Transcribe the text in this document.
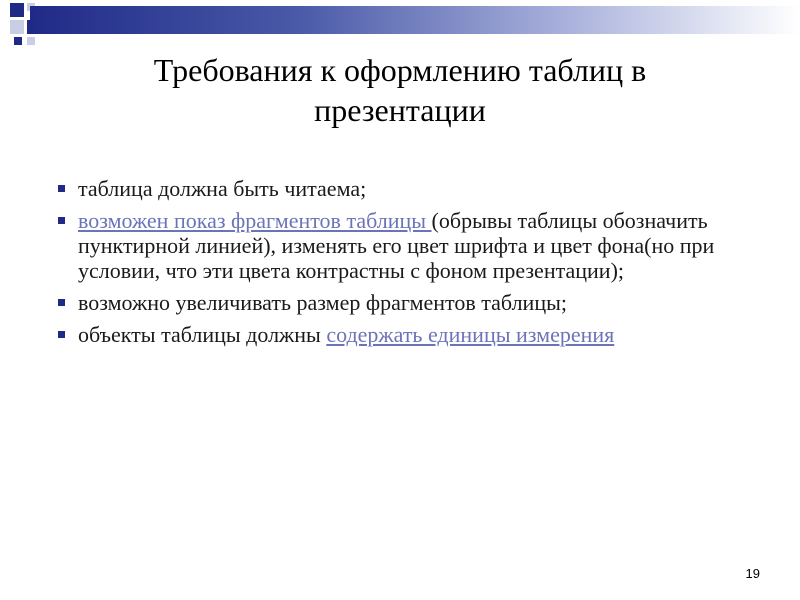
Требования к оформлению таблиц в презентации
таблица должна быть читаема;
возможен показ фрагментов таблицы (обрывы таблицы обозначить пунктирной линией), изменять его цвет шрифта и цвет фона(но при условии, что эти цвета контрастны с фоном презентации);
возможно увеличивать размер фрагментов таблицы;
объекты таблицы должны содержать единицы измерения
19
